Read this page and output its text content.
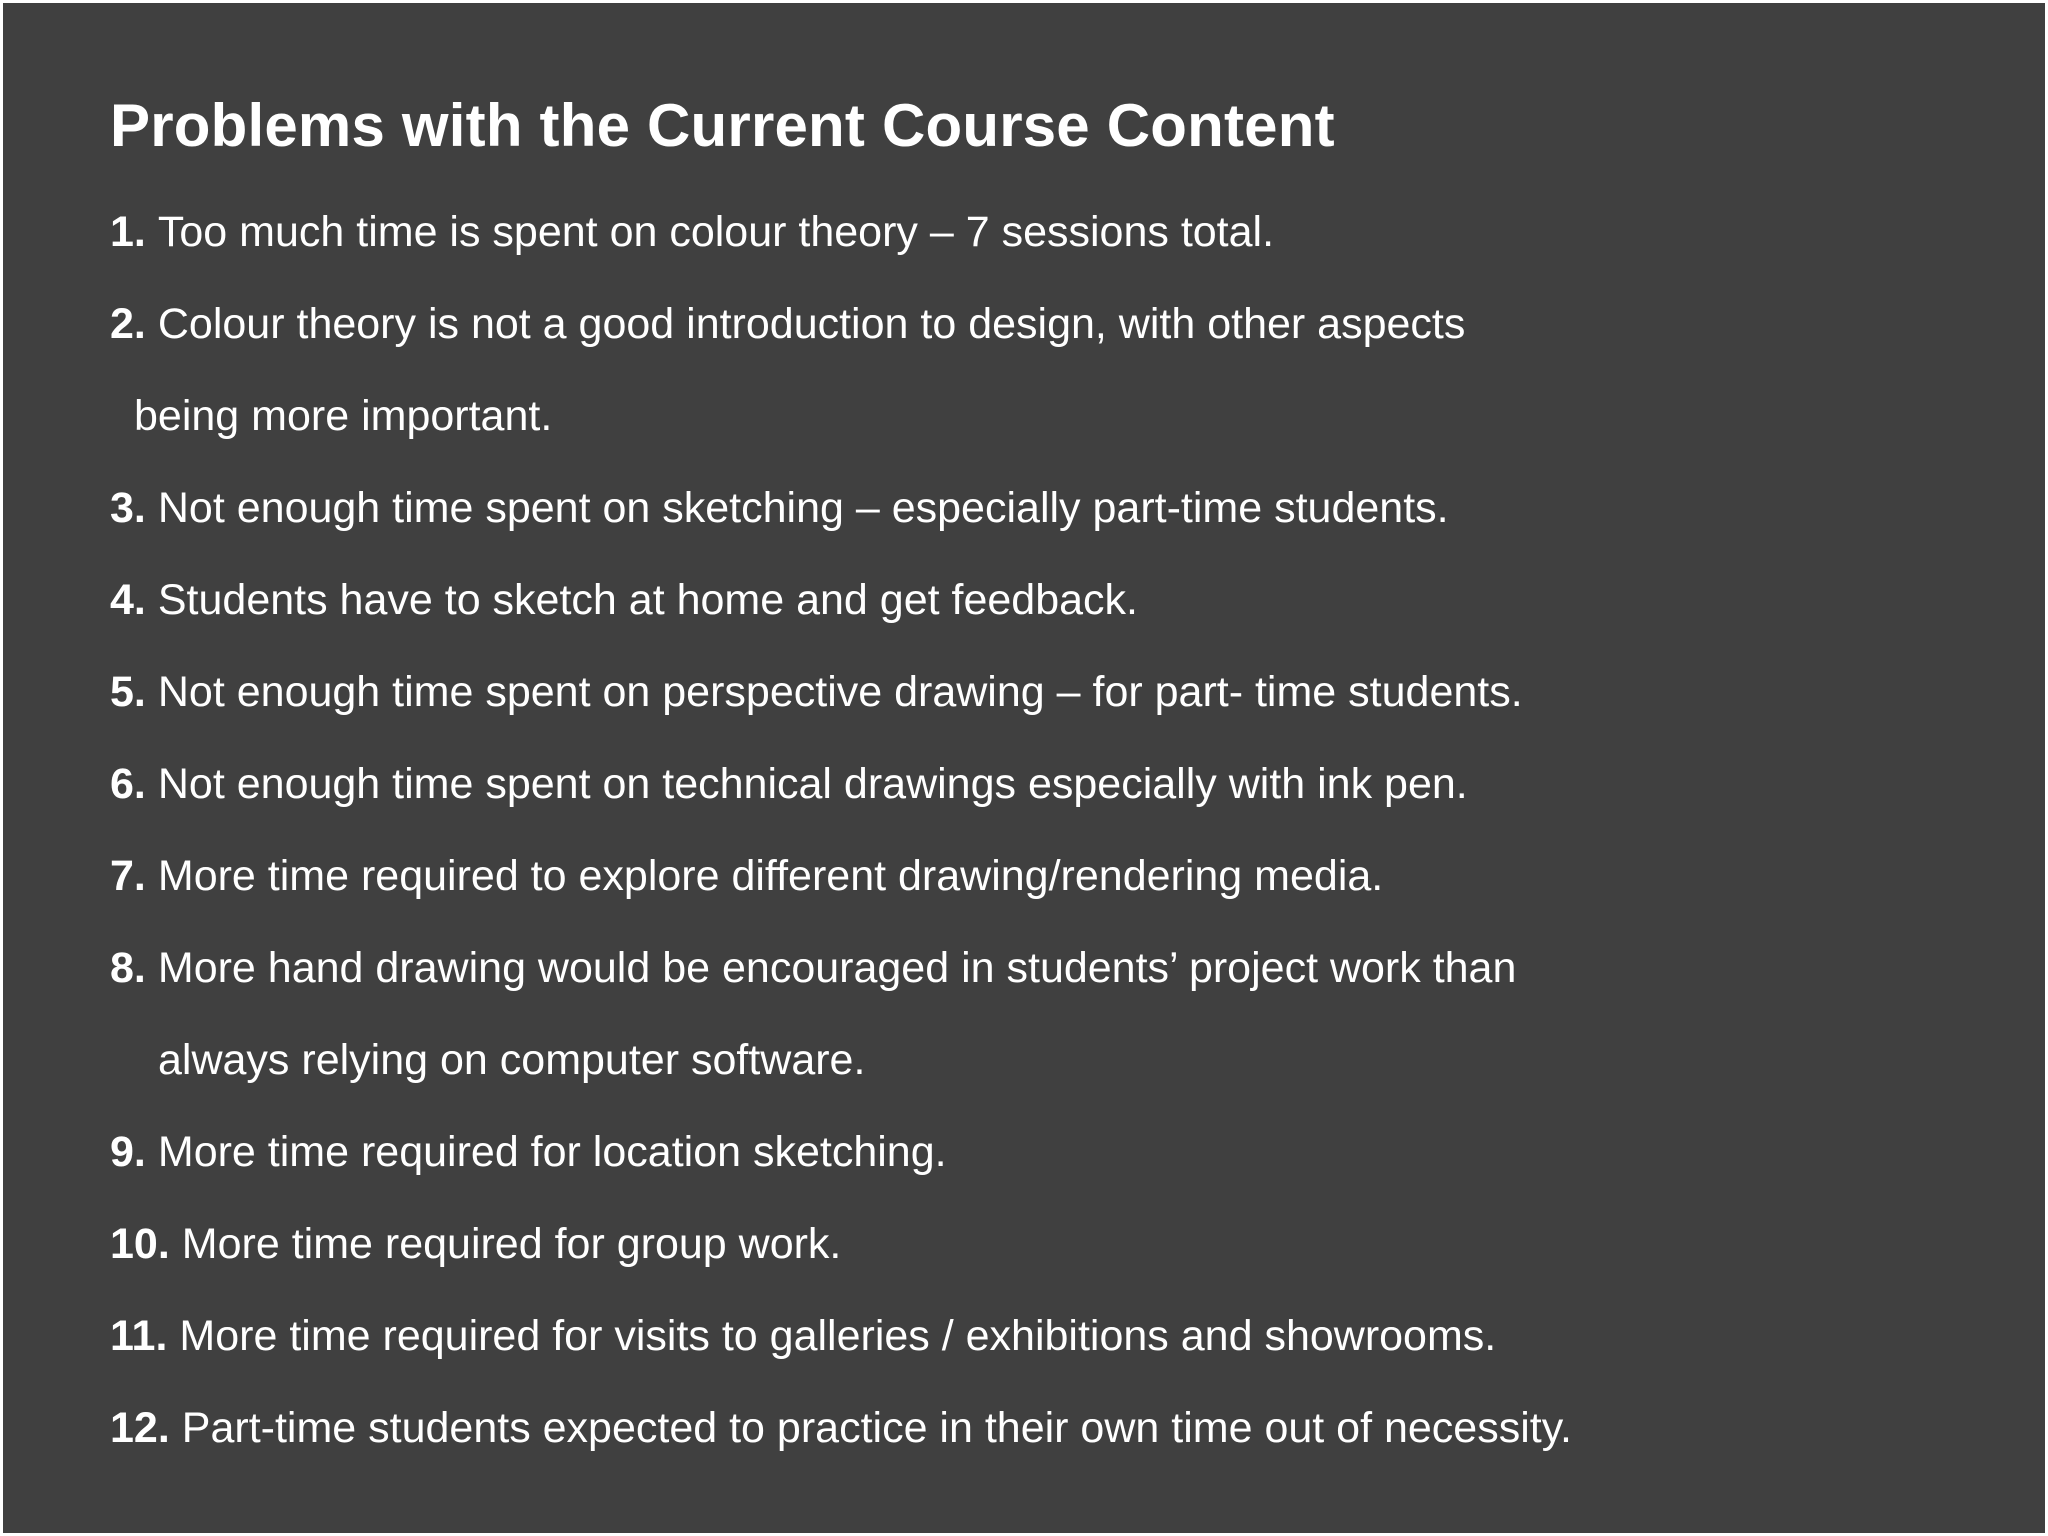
Problems with the Current Course Content
1. Too much time is spent on colour theory – 7 sessions total.
2. Colour theory is not a good introduction to design, with other aspects
being more important.
3. Not enough time spent on sketching – especially part-time students.
4. Students have to sketch at home and get feedback.
5. Not enough time spent on perspective drawing – for part- time students.
6. Not enough time spent on technical drawings especially with ink pen.
7. More time required to explore different drawing/rendering media.
8. More hand drawing would be encouraged in students’ project work than
always relying on computer software.
9. More time required for location sketching.
10. More time required for group work.
11. More time required for visits to galleries / exhibitions and showrooms.
12. Part-time students expected to practice in their own time out of necessity.
